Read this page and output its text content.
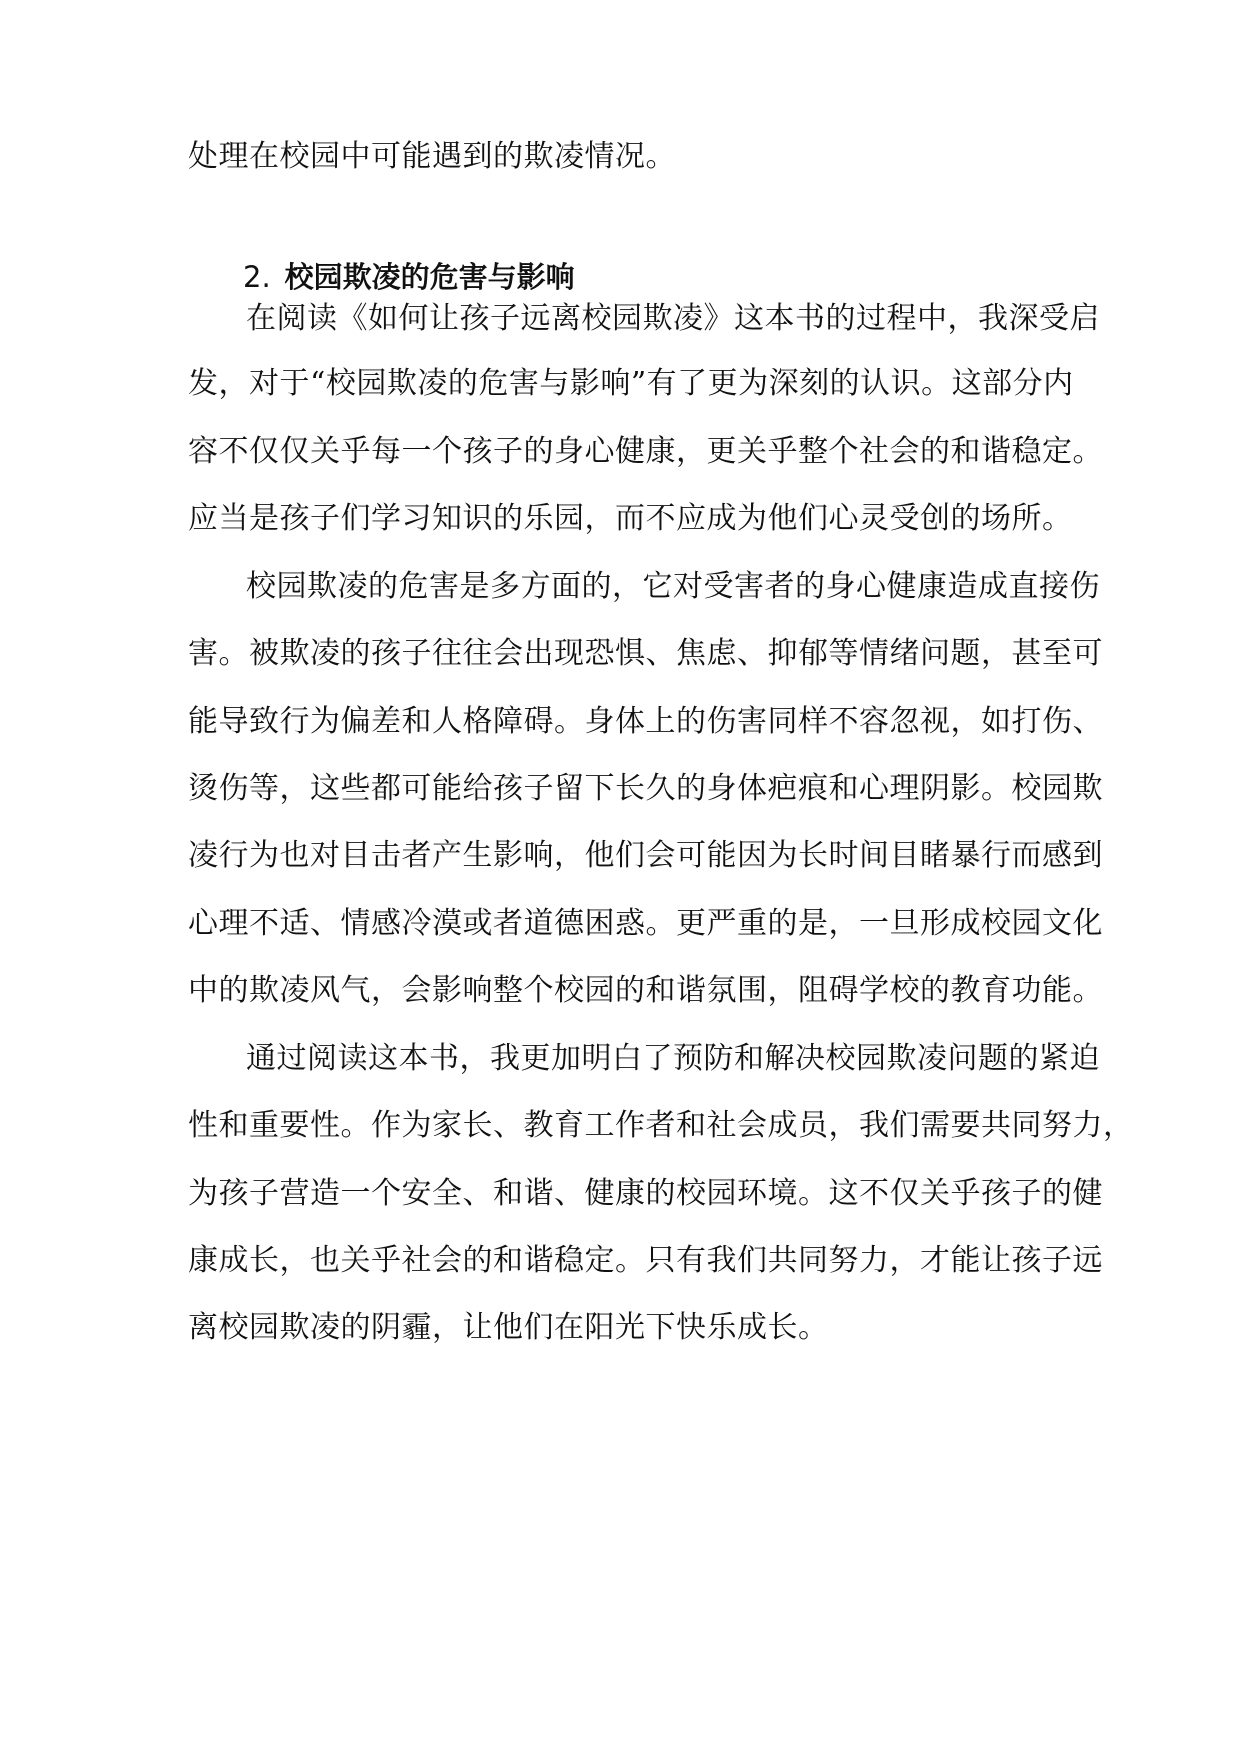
处理在校园中可能遇到的欺凌情况。
2. 校园欺凌的危害与影响
在阅读《如何让孩子远离校园欺凌》这本书的过程中，我深受启
发，对于“校园欺凌的危害与影响”有了更为深刻的认识。这部分内
容不仅仅关乎每一个孩子的身心健康，更关乎整个社会的和谐稳定。
应当是孩子们学习知识的乐园，而不应成为他们心灵受创的场所。
校园欺凌的危害是多方面的，它对受害者的身心健康造成直接伤
害。被欺凌的孩子往往会出现恐惧、焦虑、抑郁等情绪问题，甚至可
能导致行为偏差和人格障碍。身体上的伤害同样不容忽视，如打伤、
烫伤等，这些都可能给孩子留下长久的身体疤痕和心理阴影。校园欺
凌行为也对目击者产生影响，他们会可能因为长时间目睹暴行而感到
心理不适、情感冷漠或者道德困惑。更严重的是，一旦形成校园文化
中的欺凌风气，会影响整个校园的和谐氛围，阻碍学校的教育功能。
通过阅读这本书，我更加明白了预防和解决校园欺凌问题的紧迫
性和重要性。作为家长、教育工作者和社会成员，我们需要共同努力，
为孩子营造一个安全、和谐、健康的校园环境。这不仅关乎孩子的健
康成长，也关乎社会的和谐稳定。只有我们共同努力，才能让孩子远
离校园欺凌的阴霾，让他们在阳光下快乐成长。
